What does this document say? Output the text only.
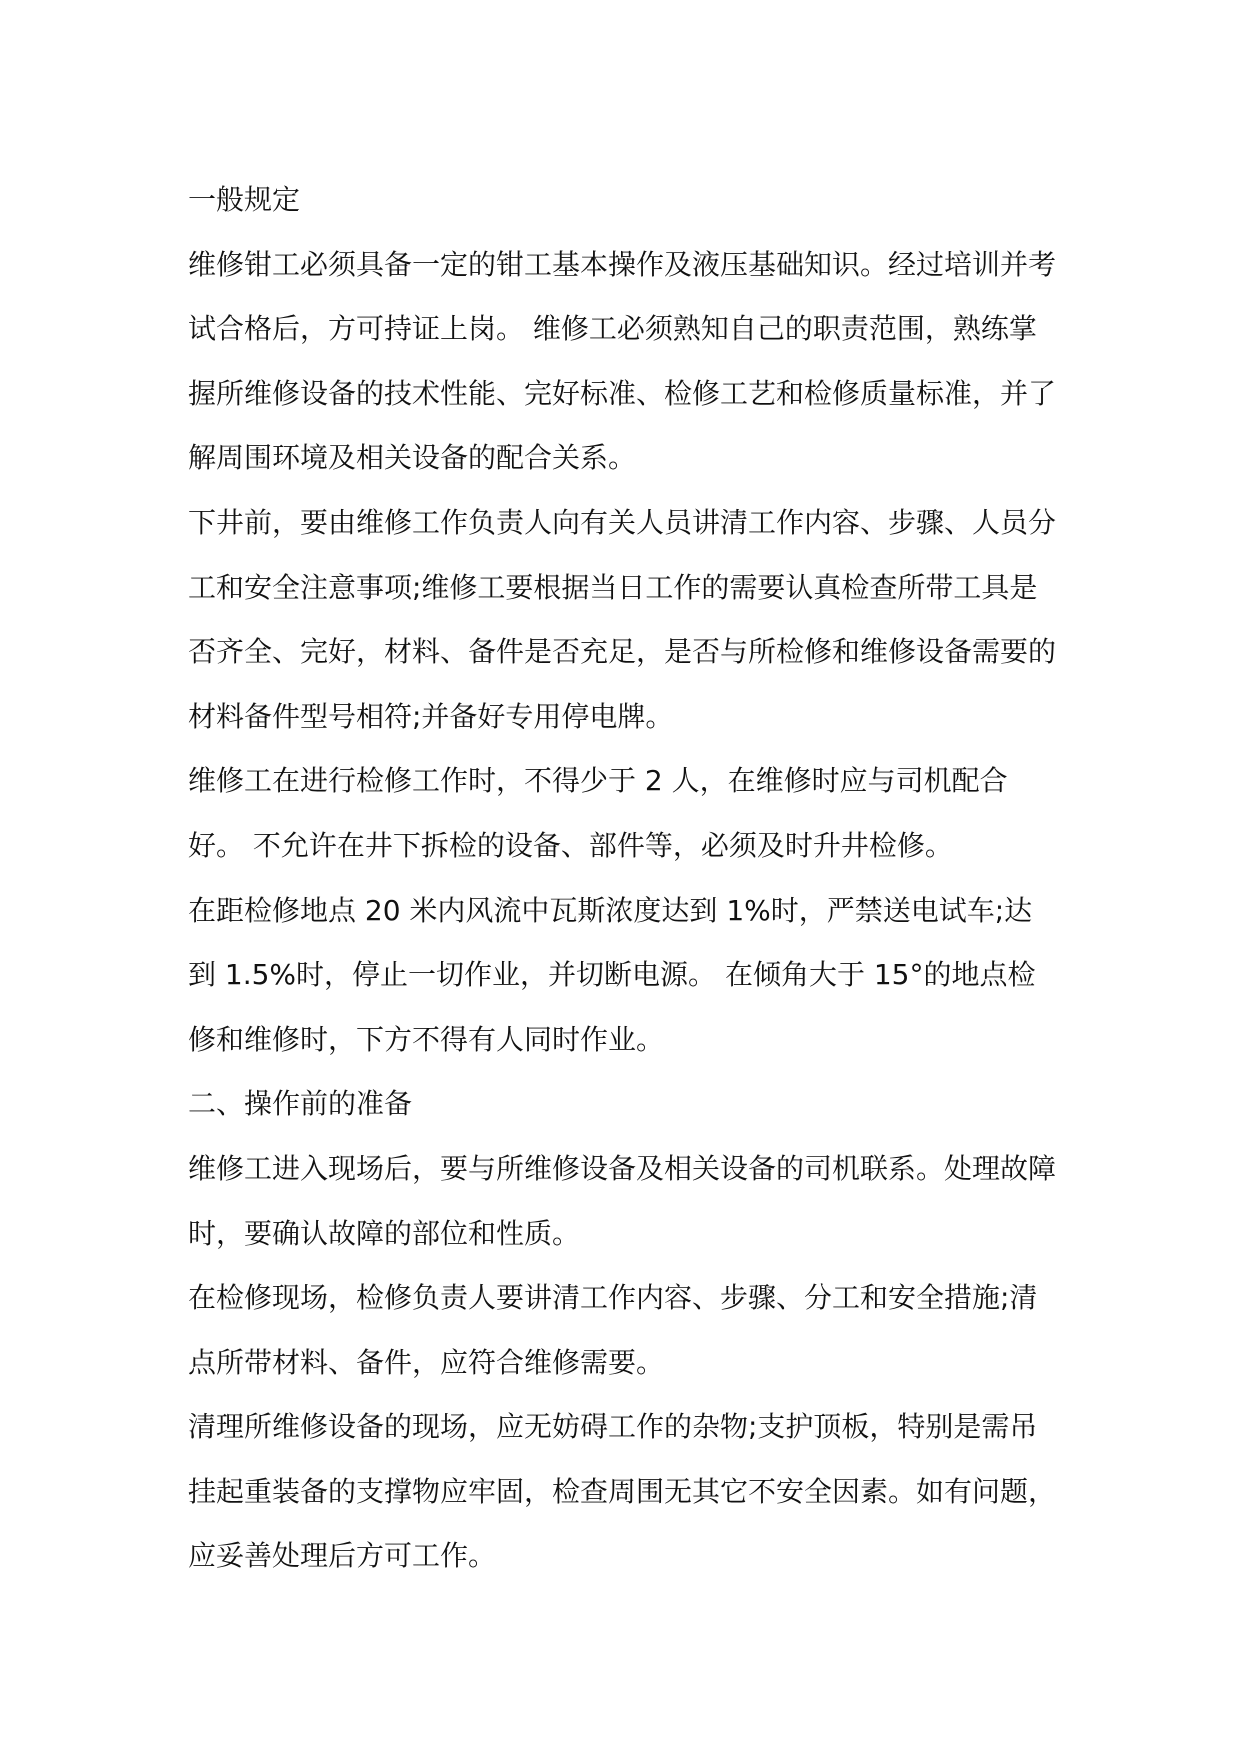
一般规定

维修钳工必须具备一定的钳工基本操作及液压基础知识。经过培训并考试合格后，方可持证上岗。 维修工必须熟知自己的职责范围，熟练掌握所维修设备的技术性能、完好标准、检修工艺和检修质量标准，并了解周围环境及相关设备的配合关系。

下井前，要由维修工作负责人向有关人员讲清工作内容、步骤、人员分工和安全注意事项;维修工要根据当日工作的需要认真检查所带工具是否齐全、完好，材料、备件是否充足，是否与所检修和维修设备需要的材料备件型号相符;并备好专用停电牌。

维修工在进行检修工作时，不得少于 2 人，在维修时应与司机配合好。 不允许在井下拆检的设备、部件等，必须及时升井检修。

在距检修地点 20 米内风流中瓦斯浓度达到 1%时，严禁送电试车;达到 1.5%时，停止一切作业，并切断电源。 在倾角大于 15°的地点检修和维修时，下方不得有人同时作业。

二、操作前的准备

维修工进入现场后，要与所维修设备及相关设备的司机联系。处理故障时，要确认故障的部位和性质。

在检修现场，检修负责人要讲清工作内容、步骤、分工和安全措施;清点所带材料、备件，应符合维修需要。

清理所维修设备的现场，应无妨碍工作的杂物;支护顶板，特别是需吊挂起重装备的支撑物应牢固，检查周围无其它不安全因素。如有问题，应妥善处理后方可工作。
